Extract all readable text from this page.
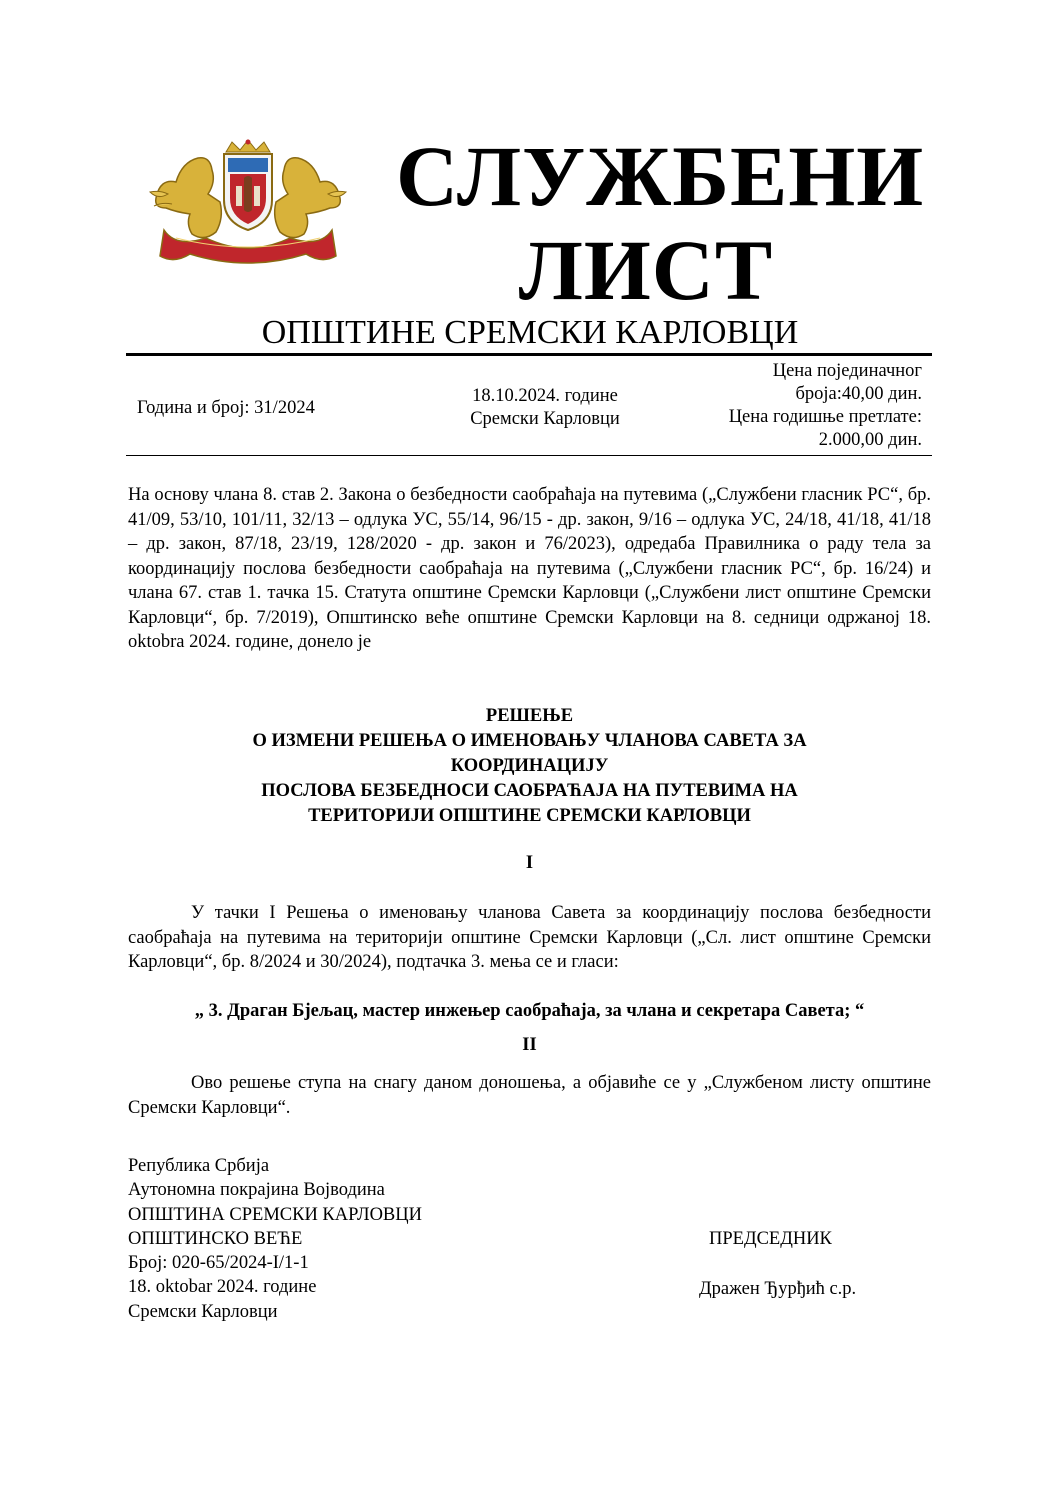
СЛУЖБЕНИ
ЛИСТ
ОПШТИНЕ СРЕМСКИ КАРЛОВЦИ
Година и број: 31/2024
18.10.2024. године
Сремски Карловци
Цена појединачног
броја:40,00 дин.
Цена годишње претлате:
2.000,00 дин.
На основу члана 8. став 2. Закона о безбедности саобраћаја на путевима („Службени гласник РС“, бр. 41/09, 53/10, 101/11, 32/13 – одлука УС, 55/14, 96/15 - др. закон, 9/16 – одлука УС, 24/18, 41/18, 41/18 – др. закон, 87/18, 23/19, 128/2020 - др. закон и 76/2023), одредаба Правилника о раду тела за координацију послова безбедности саобраћаја на путевима („Службени гласник РС“, бр. 16/24) и члана 67. став 1. тачка 15. Статута општине Сремски Карловци („Службени лист општине Сремски Карловци“, бр. 7/2019), Општинско веће општине Сремски Карловци на 8. седници одржаној 18. oktobra 2024. године, донело је
РЕШЕЊЕ
О ИЗМЕНИ РЕШЕЊА О ИМЕНОВАЊУ ЧЛАНОВА САВЕТА ЗА
КООРДИНАЦИЈУ
ПОСЛОВА БЕЗБЕДНОСИ САОБРАЋАЈА НА ПУТЕВИМА НА
ТЕРИТОРИЈИ ОПШТИНЕ СРЕМСКИ КАРЛОВЦИ
I
У тачки I Решења о именовању чланова Савета за координацију послова безбедности саобраћаја на путевима на територији општине Сремски Карловци („Сл. лист општине Сремски Карловци“, бр. 8/2024 и 30/2024), подтачка 3. мења се и гласи:
„ 3. Драган Бјељац, мастер инжењер саобраћаја, за члана и секретара Савета; “
II
Ово решење ступа на снагу даном доношења, а објавиће се у „Службеном листу општине Сремски Карловци“.
Република Србија
Аутономна покрајина Војводина
ОПШТИНА СРЕМСКИ КАРЛОВЦИ
ОПШТИНСКО ВЕЋЕ
Број: 020-65/2024-I/1-1
18. oktobar 2024. године
Сремски Карловци
ПРЕДСЕДНИК
Дражен Ђурђић с.р.
